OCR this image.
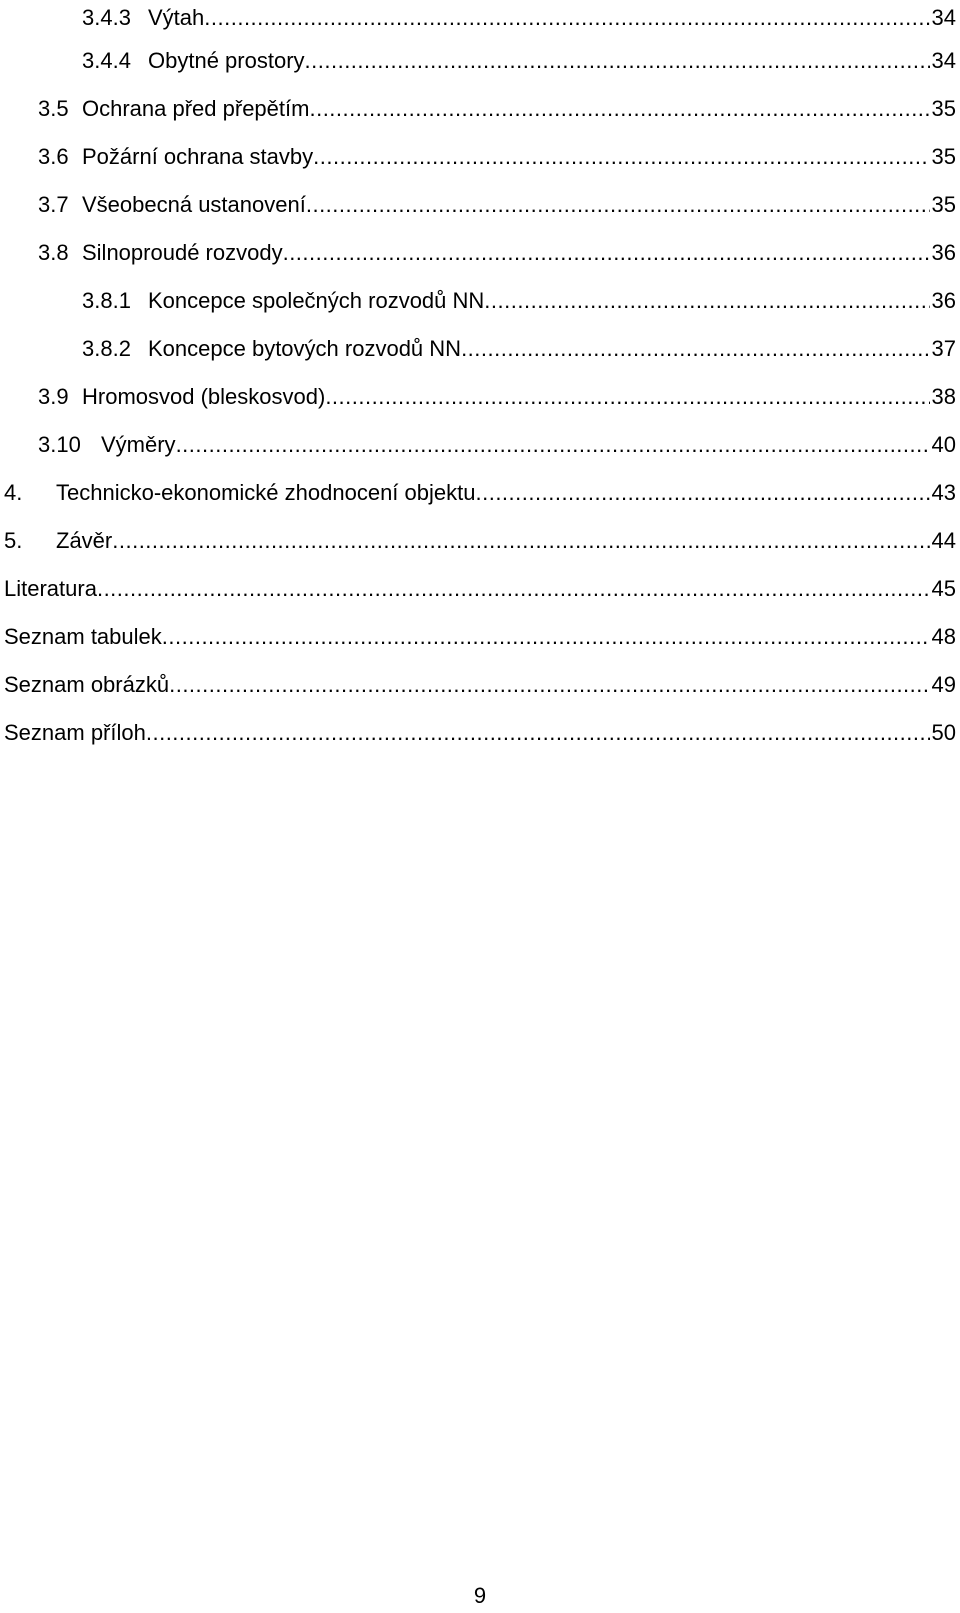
3.4.3 Výtah .....	34
3.4.4 Obytné prostory .....	34
3.5 Ochrana před přepětím .....	35
3.6 Požární ochrana stavby .....	35
3.7 Všeobecná ustanovení .....	35
3.8 Silnoproudé rozvody .....	36
3.8.1 Koncepce společných rozvodů NN .....	36
3.8.2 Koncepce bytových rozvodů NN .....	37
3.9 Hromosvod (bleskosvod) .....	38
3.10 Výměry .....	40
4. Technicko-ekonomické zhodnocení objektu .....	43
5. Závěr .....	44
Literatura .....	45
Seznam tabulek .....	48
Seznam obrázků .....	49
Seznam příloh .....	50
9
